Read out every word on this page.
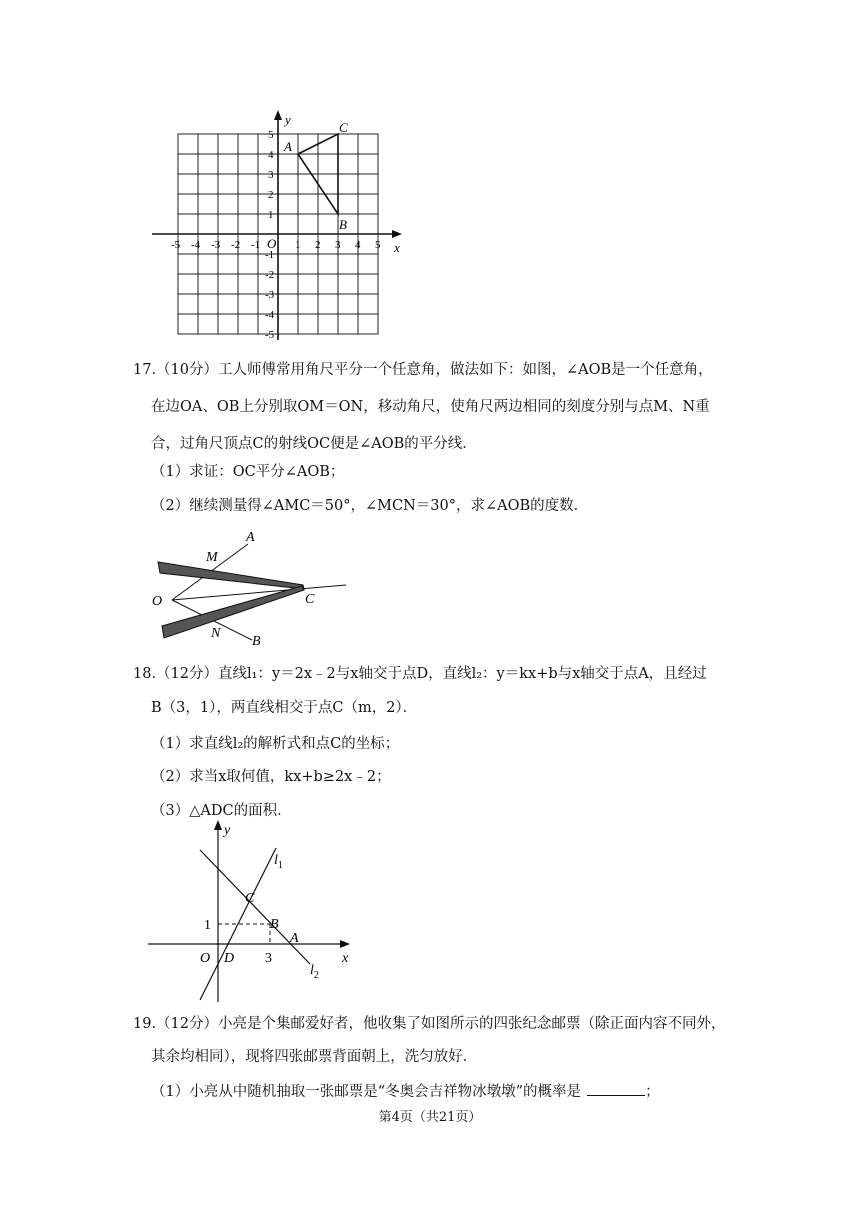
y
x
O
A
C
B
-5 -4 -3 -2 -1	1 2 3 4 5
5
4
3
2
1
-1
-2
-3
-4
-5
17.（10分）工人师傅常用角尺平分一个任意角，做法如下：如图，∠AOB是一个任意角，
在边OA、OB上分别取OM＝ON，移动角尺，使角尺两边相同的刻度分别与点M、N重
合，过角尺顶点C的射线OC便是∠AOB的平分线．
（1）求证：OC平分∠AOB；
（2）继续测量得∠AMC＝50°，∠MCN＝30°，求∠AOB的度数．
A
M
O	C
N
B
18.（12分）直线l₁：y＝2x﹣2与x轴交于点D，直线l₂：y＝kx+b与x轴交于点A，且经过
B（3，1），两直线相交于点C（m，2）．
（1）求直线l₂的解析式和点C的坐标；
（2）求当x取何值，kx+b≥2x﹣2；
（3）△ADC的面积．
y
x
$l_1$
$l_2$
C
B
A
O D
1
3
19.（12分）小亮是个集邮爱好者，他收集了如图所示的四张纪念邮票（除正面内容不同外，
其余均相同），现将四张邮票背面朝上，洗匀放好．
（1）小亮从中随机抽取一张邮票是“冬奥会吉祥物冰墩墩”的概率是	；
第4页（共21页）
